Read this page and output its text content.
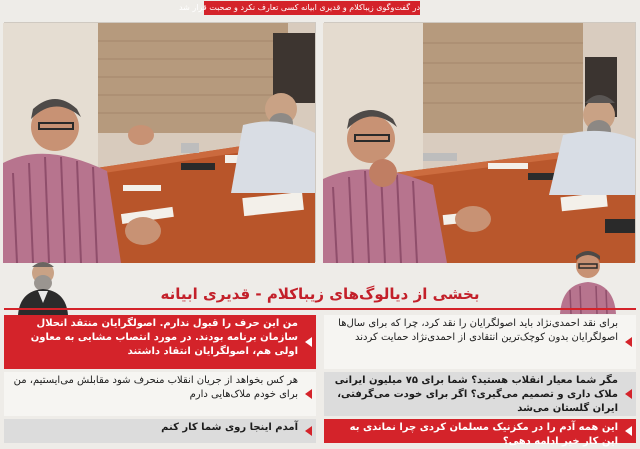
در گفت‌وگوی زیباکلام و قدیری ابیانه کسی تعارف نکرد و صحبت قرار شد
بخشی از دیالوگ‌های زیباکلام - قدیری ابیانه
برای نقد احمدی‌نژاد باید اصولگرایان را نقد کرد، چرا که برای سال‌ها اصولگرایان بدون کوچک‌ترین انتقادی از احمدی‌نژاد حمایت کردند
من این حرف را قبول ندارم. اصولگرایان منتقد انحلال سازمان برنامه بودند. در مورد انتصاب مشایی به معاون اولی هم، اصولگرایان انتقاد داشتند
مگر شما معیار انقلاب هستید؟ شما برای ۷۵ میلیون ایرانی ملاک داری و تصمیم می‌گیری؟ اگر برای خودت می‌گرفتی، ایران گلستان می‌شد
هر کس بخواهد از جریان انقلاب منحرف شود مقابلش می‌ایستیم، من برای خودم ملاک‌هایی دارم
این همه آدم را در مکزنیک مسلمان کردی چرا نماندی به این کار خیر ادامه دهی؟
آمدم اینجا روی شما کار کنم
